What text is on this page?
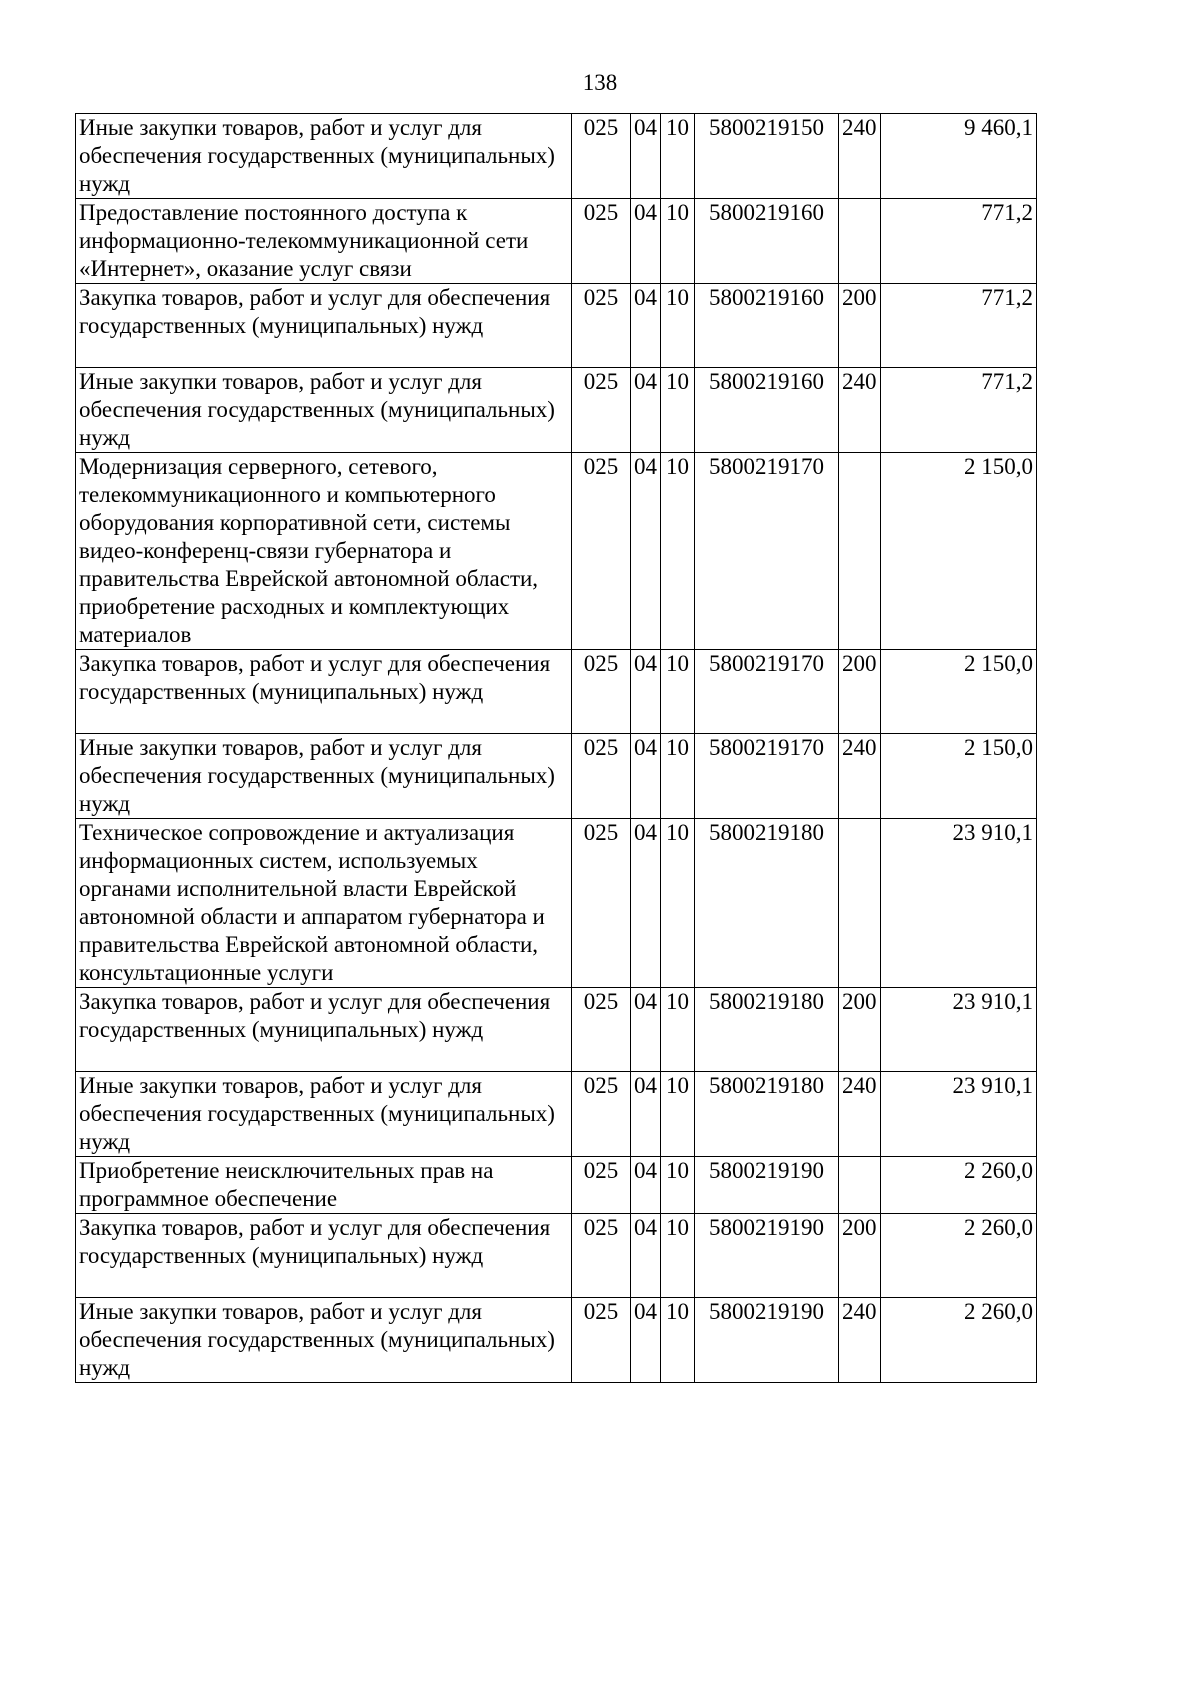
138
Иные закупки товаров, работ и услуг для обеспечения государственных (муниципальных) нужд	025	04	10	5800219150	240	9 460,1
Предоставление постоянного доступа к информационно-телекоммуникационной сети «Интернет», оказание услуг связи	025	04	10	5800219160		771,2
Закупка товаров, работ и услуг для обеспечения государственных (муниципальных) нужд	025	04	10	5800219160	200	771,2
Иные закупки товаров, работ и услуг для обеспечения государственных (муниципальных) нужд	025	04	10	5800219160	240	771,2
Модернизация серверного, сетевого, телекоммуникационного и компьютерного оборудования корпоративной сети, системы видео-конференц-связи губернатора и правительства Еврейской автономной области, приобретение расходных и комплектующих материалов	025	04	10	5800219170		2 150,0
Закупка товаров, работ и услуг для обеспечения государственных (муниципальных) нужд	025	04	10	5800219170	200	2 150,0
Иные закупки товаров, работ и услуг для обеспечения государственных (муниципальных) нужд	025	04	10	5800219170	240	2 150,0
Техническое сопровождение и актуализация информационных систем, используемых органами исполнительной власти Еврейской автономной области и аппаратом губернатора и правительства Еврейской автономной области, консультационные услуги	025	04	10	5800219180		23 910,1
Закупка товаров, работ и услуг для обеспечения государственных (муниципальных) нужд	025	04	10	5800219180	200	23 910,1
Иные закупки товаров, работ и услуг для обеспечения государственных (муниципальных) нужд	025	04	10	5800219180	240	23 910,1
Приобретение неисключительных прав на программное обеспечение	025	04	10	5800219190		2 260,0
Закупка товаров, работ и услуг для обеспечения государственных (муниципальных) нужд	025	04	10	5800219190	200	2 260,0
Иные закупки товаров, работ и услуг для обеспечения государственных (муниципальных) нужд	025	04	10	5800219190	240	2 260,0
